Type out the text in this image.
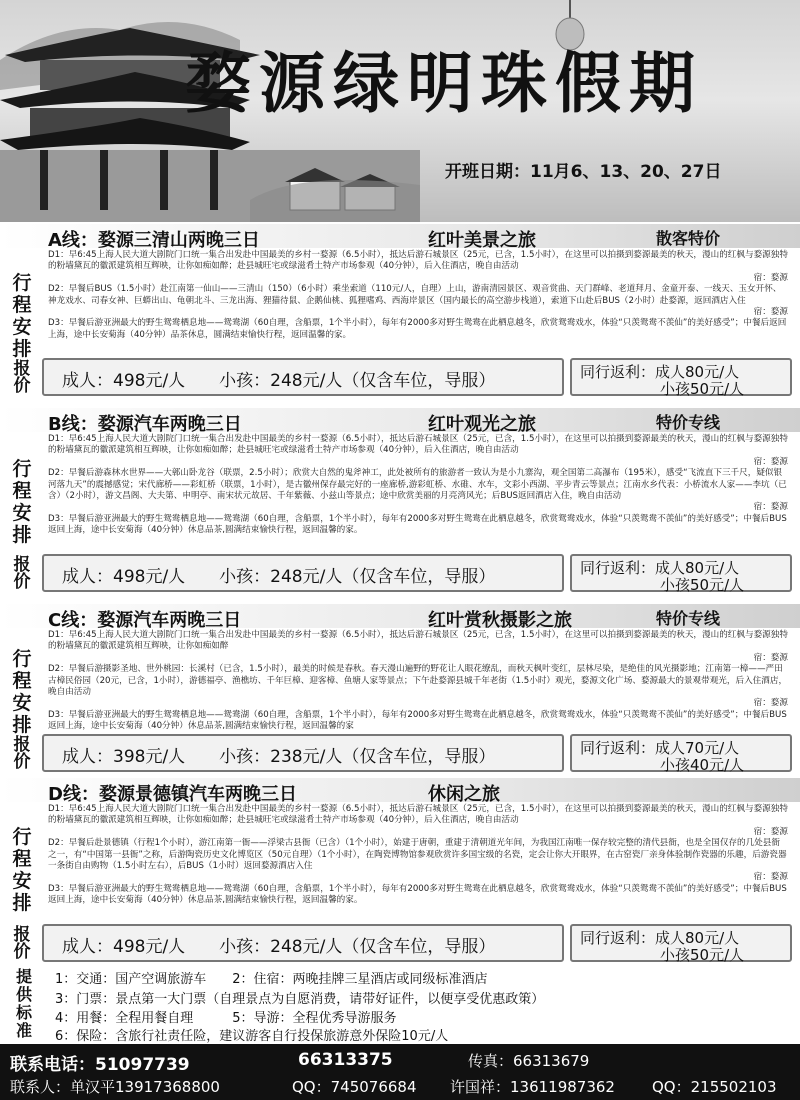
婺源绿明珠假期
开班日期：11月6、13、20、27日
A线：婺源三清山两晚三日	红叶美景之旅	散客特价
行程安排
D1：早6:45上海人民大道大剧院门口统一集合出发赴中国最美的乡村一婺源（6.5小时），抵达后游石城景区（25元，已含，1.5小时），在这里可以拍摄到婺源最美的秋天，漫山的红枫与婺源独特的粉墙黛瓦的徽派建筑相互辉映，让你如痴如醉；赴县城旺宅或绿滋肴土特产市场参观（40分钟），后入住酒店，晚自由活动
宿：婺源
D2：早餐后BUS（1.5小时）赴江南第一仙山——三清山（150）（6小时）乘坐索道（110元/人，自理）上山，游南清园景区、观音赏曲、天门群峰、老道拜月、金童开泰、一线天、玉女开怀、神龙戏水、司春女神、巨蟒出山、龟朝北斗、三龙出海、狸猫待鼠、企鹅仙桃、狐狸嗜鸡、西海岸景区（国内最长的高空游步栈道），索道下山赴后BUS（2小时）赴婺源，返回酒店入住
宿：婺源
D3：早餐后游亚洲最大的野生鸳鸯栖息地——鸳鸯湖（60自理，含船票，1个半小时），每年有2000多对野生鸳鸯在此栖息越冬，欣赏鸳鸯戏水，体验“只羡鸳鸯不羡仙”的美好感受”；中餐后返回上海，途中长安菊海（40分钟）品茶休息，圆满结束愉快行程，返回温馨的家。
报价 成人：498元/人　　小孩：248元/人（仅含车位，导服）	同行返利：成人80元/人
小孩50元/人
B线：婺源汽车两晚三日	红叶观光之旅	特价专线
行程安排
D1：早6:45上海人民大道大剧院门口统一集合出发赴中国最美的乡村一婺源（6.5小时），抵达后游石城景区（25元，已含，1.5小时），在这里可以拍摄到婺源最美的秋天，漫山的红枫与婺源独特的粉墙黛瓦的徽派建筑相互辉映，让你如痴如醉；赴县城旺宅或绿滋肴土特产市场参观（40分钟），后入住酒店，晚自由活动
宿：婺源
D2：早餐后游森林水世界——大鄣山卧龙谷（联票，2.5小时）；欣赏大自然的鬼斧神工，此处被所有的旅游者一致认为是小九寨沟，观全国第二高瀑布（195米），感受“飞流直下三千尺，疑似银河落九天”的震撼感觉；宋代廊桥——彩虹桥（联票，1小时），是古徽州保存最完好的一座廊桥,游彩虹桥、水碓、水车，文彩小西湖、平步青云等景点；江南水乡代表：小桥流水人家——李坑（已含）（2小时），游文昌阁、大夫第、申明亭、南宋状元故居、千年紫薇、小兹山等景点；途中欣赏美丽的月亮湾风光；后BUS返回酒店入住，晚自由活动
宿：婺源
D3：早餐后游亚洲最大的野生鸳鸯栖息地——鸳鸯湖（60自理，含船票，1个半小时），每年有2000多对野生鸳鸯在此栖息越冬，欣赏鸳鸯戏水，体验“只羡鸳鸯不羡仙”的美好感受”；中餐后BUS返回上海，途中长安菊海（40分钟）休息品茶,圆满结束愉快行程，返回温馨的家。
报价 成人：498元/人　　小孩：248元/人（仅含车位，导服）	同行返利：成人80元/人
小孩50元/人
C线：婺源汽车两晚三日	红叶赏秋摄影之旅	特价专线
行程安排
D1：早6:45上海人民大道大剧院门口统一集合出发赴中国最美的乡村一婺源（6.5小时），抵达后游石城景区（25元，已含，1.5小时），在这里可以拍摄到婺源最美的秋天，漫山的红枫与婺源独特的粉墙黛瓦的徽派建筑相互辉映，让你如痴如醉
宿：婺源
D2：早餐后游摄影圣地、世外桃园：长溪村（已含，1.5小时），最美的时候是春秋。春天漫山遍野的野花让人眼花缭乱，而秋天枫叶变红，层林尽染，是绝佳的风光摄影地；江南第一樟——严田古樟民俗园（20元，已含，1小时），游德福亭、渔樵坊、千年巨樟、迎客樟、鱼塘人家等景点；下午赴婺源县城千年老街（1.5小时）观光，婺源文化广场、婺源最大的景观带观光，后入住酒店，晚自由活动
宿：婺源
D3：早餐后游亚洲最大的野生鸳鸯栖息地——鸳鸯湖（60自理，含船票，1个半小时），每年有2000多对野生鸳鸯在此栖息越冬，欣赏鸳鸯戏水，体验“只羡鸳鸯不羡仙”的美好感受”；中餐后BUS返回上海，途中长安菊海（40分钟）休息品茶,圆满结束愉快行程，返回温馨的家
报价 成人：398元/人　　小孩：238元/人（仅含车位，导服）	同行返利：成人70元/人
小孩40元/人
D线：婺源景德镇汽车两晚三日	休闲之旅
行程安排
D1：早6:45上海人民大道大剧院门口统一集合出发赴中国最美的乡村一婺源（6.5小时），抵达后游石城景区（25元，已含，1.5小时），在这里可以拍摄到婺源最美的秋天，漫山的红枫与婺源独特的粉墙黛瓦的徽派建筑相互辉映，让你如痴如醉；赴县城旺宅或绿滋肴土特产市场参观（40分钟），后入住酒店，晚自由活动
宿：婺源
D2：早餐后赴景德镇（行程1个小时），游江南第一衙——浮梁古县衙（已含）（1个小时），始建于唐朝，重建于清朝道光年间，为我国江南唯一保存较完整的清代县衙，也是全国仅存的几处县衙之一，有“中国第一县衙”之称，后游陶瓷历史文化博览区（50元自理）（1个小时），在陶瓷博物馆参观欣赏许多国宝级的名瓷，定会让你大开眼界，在古窑瓷厂亲身体验制作瓷器的乐趣，后游瓷器一条街自由购物（1.5小时左右），后BUS（1小时）返回婺源酒店入住
宿：婺源
D3：早餐后游亚洲最大的野生鸳鸯栖息地——鸳鸯湖（60自理，含船票，1个半小时），每年有2000多对野生鸳鸯在此栖息越冬，欣赏鸳鸯戏水，体验“只羡鸳鸯不羡仙”的美好感受”；中餐后BUS返回上海，途中长安菊海（40分钟）休息品茶,圆满结束愉快行程，返回温馨的家。
报价 成人：498元/人　　小孩：248元/人（仅含车位，导服）	同行返利：成人80元/人
小孩50元/人
提供标准
1：交通：国产空调旅游车　　2：住宿：两晚挂牌三星酒店或同级标准酒店
3：门票：景点第一大门票（自理景点为自愿消费，请带好证件，以便享受优惠政策）
4：用餐：全程用餐自理　　　5：导游：全程优秀导游服务
6：保险：含旅行社责任险，建议游客自行投保旅游意外保险10元/人
联系电话：51097739	66313375	传真：66313679
联系人：单汉平13917368800	QQ：745076684 许国祥：13611987362 QQ：215502103
